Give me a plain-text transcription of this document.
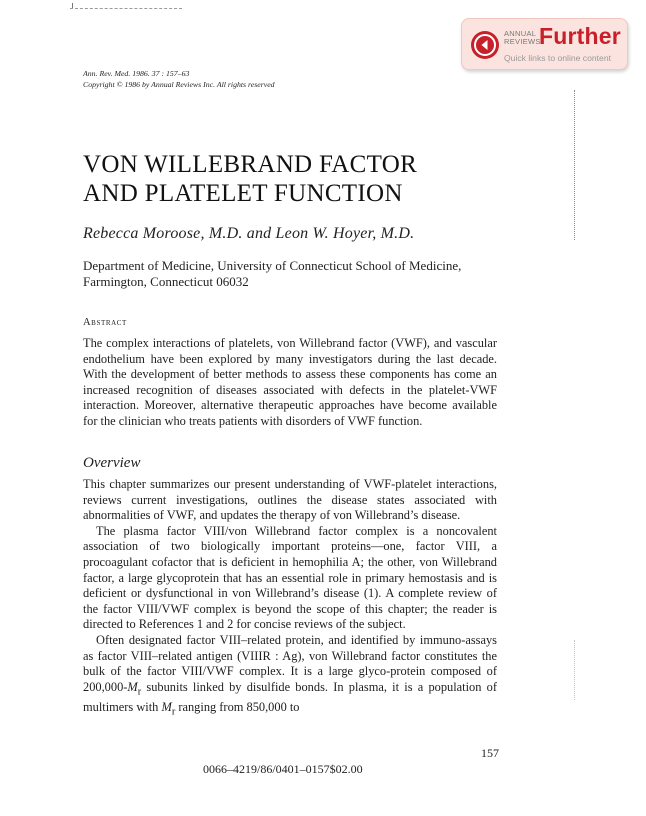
ANNUAL
REVIEWS
Further
Quick links to online content
Ann. Rev. Med. 1986. 37 : 157–63
Copyright © 1986 by Annual Reviews Inc. All rights reserved
VON WILLEBRAND FACTOR
AND PLATELET FUNCTION
Rebecca Moroose, M.D. and Leon W. Hoyer, M.D.
Department of Medicine, University of Connecticut School of Medicine,
Farmington, Connecticut 06032
Abstract

The complex interactions of platelets, von Willebrand factor (VWF), and vascular endothelium have been explored by many investigators during the last decade. With the development of better methods to assess these components has come an increased recognition of diseases associated with defects in the platelet-VWF interaction. Moreover, alternative therapeutic approaches have become available for the clinician who treats patients with disorders of VWF function.

Overview

This chapter summarizes our present understanding of VWF-platelet interactions, reviews current investigations, outlines the disease states associated with abnormalities of VWF, and updates the therapy of von Willebrand’s disease.

The plasma factor VIII/von Willebrand factor complex is a noncovalent association of two biologically important proteins—one, factor VIII, a procoagulant cofactor that is deficient in hemophilia A; the other, von Willebrand factor, a large glycoprotein that has an essential role in primary hemostasis and is deficient or dysfunctional in von Willebrand’s disease (1). A complete review of the factor VIII/VWF complex is beyond the scope of this chapter; the reader is directed to References 1 and 2 for concise reviews of the subject.

Often designated factor VIII–related protein, and identified by immuno-assays as factor VIII–related antigen (VIIIR : Ag), von Willebrand factor constitutes the bulk of the factor VIII/VWF complex. It is a large glyco-protein composed of $200,000-M_r$ subunits linked by disulfide bonds. In plasma, it is a population of multimers with $M_r$ ranging from 850,000 to

157
0066–4219/86/0401–0157$02.00
